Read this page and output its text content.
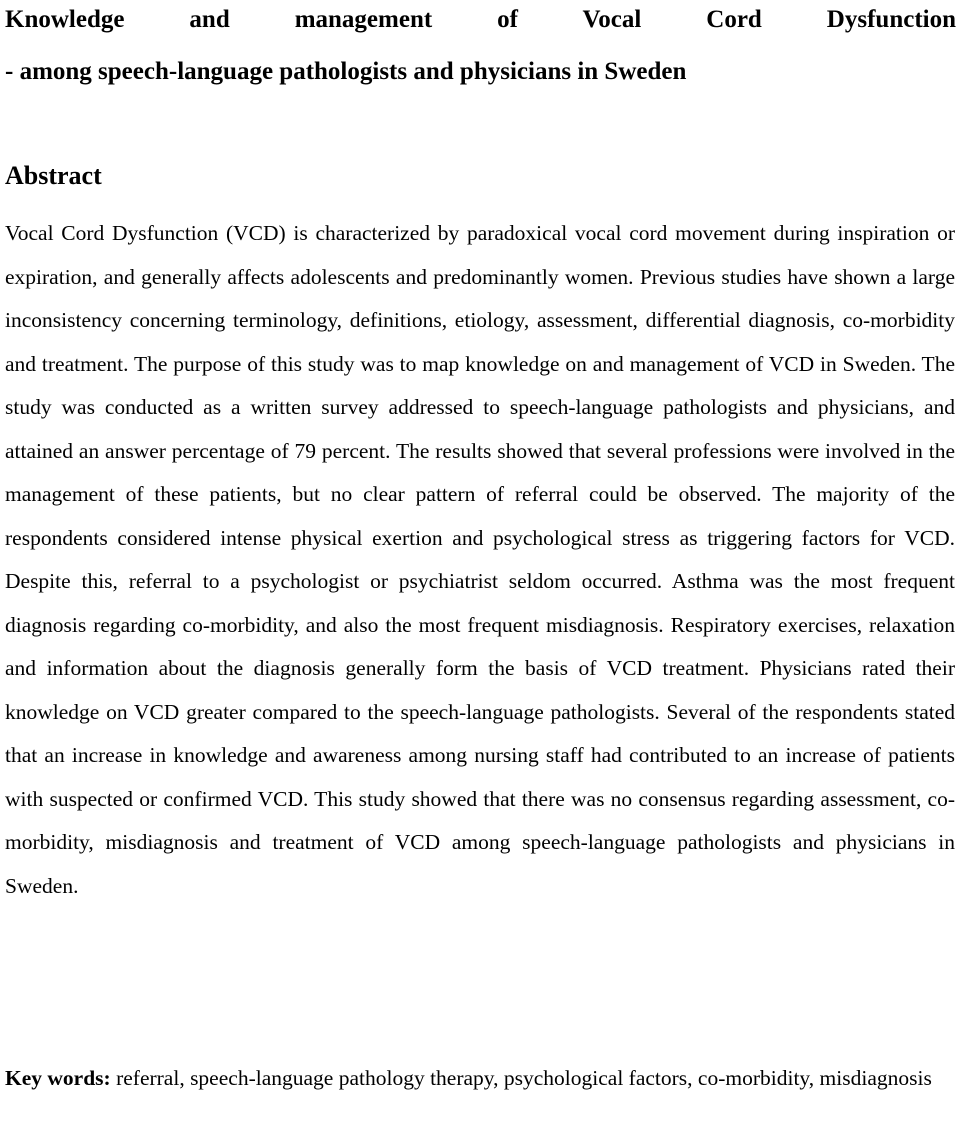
Knowledge and management of Vocal Cord Dysfunction
- among speech-language pathologists and physicians in Sweden
Abstract

Vocal Cord Dysfunction (VCD) is characterized by paradoxical vocal cord movement during inspiration or expiration, and generally affects adolescents and predominantly women. Previous studies have shown a large inconsistency concerning terminology, definitions, etiology, assessment, differential diagnosis, co-morbidity and treatment. The purpose of this study was to map knowledge on and management of VCD in Sweden. The study was conducted as a written survey addressed to speech-language pathologists and physicians, and attained an answer percentage of 79 percent. The results showed that several professions were involved in the management of these patients, but no clear pattern of referral could be observed. The majority of the respondents considered intense physical exertion and psychological stress as triggering factors for VCD. Despite this, referral to a psychologist or psychiatrist seldom occurred. Asthma was the most frequent diagnosis regarding co-morbidity, and also the most frequent misdiagnosis. Respiratory exercises, relaxation and information about the diagnosis generally form the basis of VCD treatment. Physicians rated their knowledge on VCD greater compared to the speech-language pathologists. Several of the respondents stated that an increase in knowledge and awareness among nursing staff had contributed to an increase of patients with suspected or confirmed VCD. This study showed that there was no consensus regarding assessment, co-morbidity, misdiagnosis and treatment of VCD among speech-language pathologists and physicians in Sweden.

Key words: referral, speech-language pathology therapy, psychological factors, co-morbidity, misdiagnosis
